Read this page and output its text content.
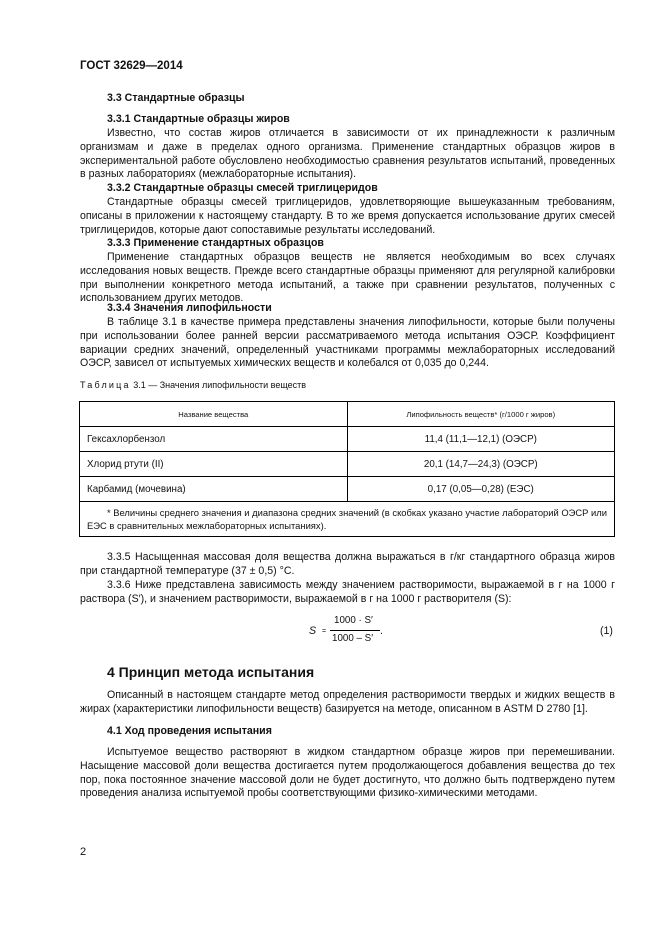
ГОСТ 32629—2014

3.3 Стандартные образцы

3.3.1 Стандартные образцы жиров

Известно, что состав жиров отличается в зависимости от их принадлежности к различным организмам и даже в пределах одного организма. Применение стандартных образцов жиров в экспериментальной работе обусловлено необходимостью сравнения результатов испытаний, проведенных в разных лабораториях (межлабораторные испытания).

3.3.2 Стандартные образцы смесей триглицеридов

Стандартные образцы смесей триглицеридов, удовлетворяющие вышеуказанным требованиям, описаны в приложении к настоящему стандарту. В то же время допускается использование других смесей триглицеридов, которые дают сопоставимые результаты исследований.

3.3.3 Применение стандартных образцов

Применение стандартных образцов веществ не является необходимым во всех случаях исследования новых веществ. Прежде всего стандартные образцы применяют для регулярной калибровки при выполнении конкретного метода испытаний, а также при сравнении результатов, полученных с использованием других методов.

3.3.4 Значения липофильности

В таблице 3.1 в качестве примера представлены значения липофильности, которые были получены при использовании более ранней версии рассматриваемого метода испытания ОЭСР. Коэффициент вариации средних значений, определенный участниками программы межлабораторных исследований ОЭСР, зависел от испытуемых химических веществ и колебался от 0,035 до 0,244.

Таблица 3.1 — Значения липофильности веществ
Название вещества	Липофильность веществ* (г/1000 г жиров)
Гексахлорбензол	11,4 (11,1—12,1) (ОЭСР)
Хлорид ртути (II)	20,1 (14,7—24,3) (ОЭСР)
Карбамид (мочевина)	0,17 (0,05—0,28) (ЕЭС)
* Величины среднего значения и диапазона средних значений (в скобках указано участие лабораторий ОЭСР или ЕЭС в сравнительных межлабораторных испытаниях).	

3.3.5 Насыщенная массовая доля вещества должна выражаться в г/кг стандартного образца жиров при стандартной температуре (37 ± 0,5) °С.

3.3.6 Ниже представлена зависимость между значением растворимости, выражаемой в г на 1000 г раствора (S′), и значением растворимости, выражаемой в г на 1000 г растворителя (S):

S =
1000 · S′
1000 – S′
.	(1)
4 Принцип метода испытания

Описанный в настоящем стандарте метод определения растворимости твердых и жидких веществ в жирах (характеристики липофильности веществ) базируется на методе, описанном в ASTM D 2780 [1].

4.1 Ход проведения испытания

Испытуемое вещество растворяют в жидком стандартном образце жиров при перемешивании. Насыщение массовой доли вещества достигается путем продолжающегося добавления вещества до тех пор, пока постоянное значение массовой доли не будет достигнуто, что должно быть подтверждено путем проведения анализа испытуемой пробы соответствующими физико-химическими методами.

2
